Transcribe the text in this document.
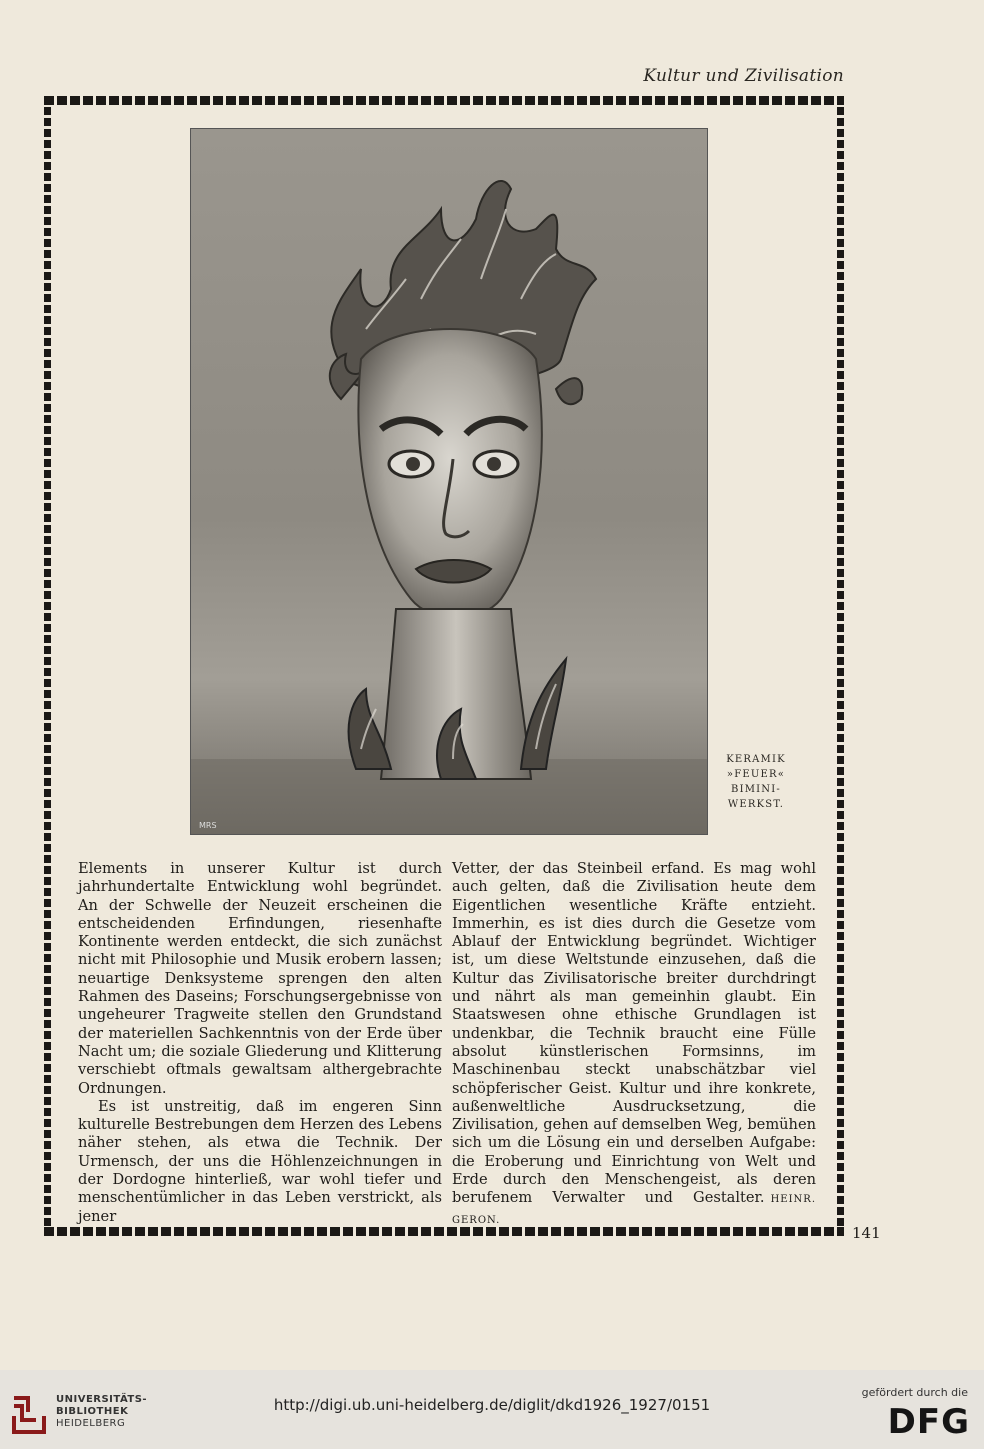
Kultur und Zivilisation
MRS
KERAMIK
»FEUER«
BIMINI-
WERKST.

Elements in unserer Kultur ist durch jahrhundertalte Entwicklung wohl begründet. An der Schwelle der Neuzeit erscheinen die entscheidenden Erfindungen, riesenhafte Kontinente werden entdeckt, die sich zunächst nicht mit Philosophie und Musik erobern lassen; neuartige Denksysteme sprengen den alten Rahmen des Daseins; Forschungsergebnisse von ungeheurer Tragweite stellen den Grundstand der materiellen Sachkenntnis von der Erde über Nacht um; die soziale Gliederung und Klitterung verschiebt oftmals gewaltsam althergebrachte Ordnungen.

Es ist unstreitig, daß im engeren Sinn kulturelle Bestrebungen dem Herzen des Lebens näher stehen, als etwa die Technik. Der Urmensch, der uns die Höhlenzeichnungen in der Dordogne hinterließ, war wohl tiefer und menschentümlicher in das Leben verstrickt, als jener

Vetter, der das Steinbeil erfand. Es mag wohl auch gelten, daß die Zivilisation heute dem Eigentlichen wesentliche Kräfte entzieht. Immerhin, es ist dies durch die Gesetze vom Ablauf der Entwicklung begründet. Wichtiger ist, um diese Weltstunde einzusehen, daß die Kultur das Zivilisatorische breiter durchdringt und nährt als man gemeinhin glaubt. Ein Staatswesen ohne ethische Grundlagen ist undenkbar, die Technik braucht eine Fülle absolut künstlerischen Formsinns, im Maschinenbau steckt unabschätzbar viel schöpferischer Geist. Kultur und ihre konkrete, außenweltliche Ausdrucksetzung, die Zivilisation, gehen auf demselben Weg, bemühen sich um die Lösung ein und derselben Aufgabe: die Eroberung und Einrichtung von Welt und Erde durch den Menschengeist, als deren berufenem Verwalter und Gestalter. HEINR. GERON.

141
UNIVERSITÄTS-
BIBLIOTHEK
HEIDELBERG
http://digi.ub.uni-heidelberg.de/diglit/dkd1926_1927/0151
gefördert durch die
DFG
